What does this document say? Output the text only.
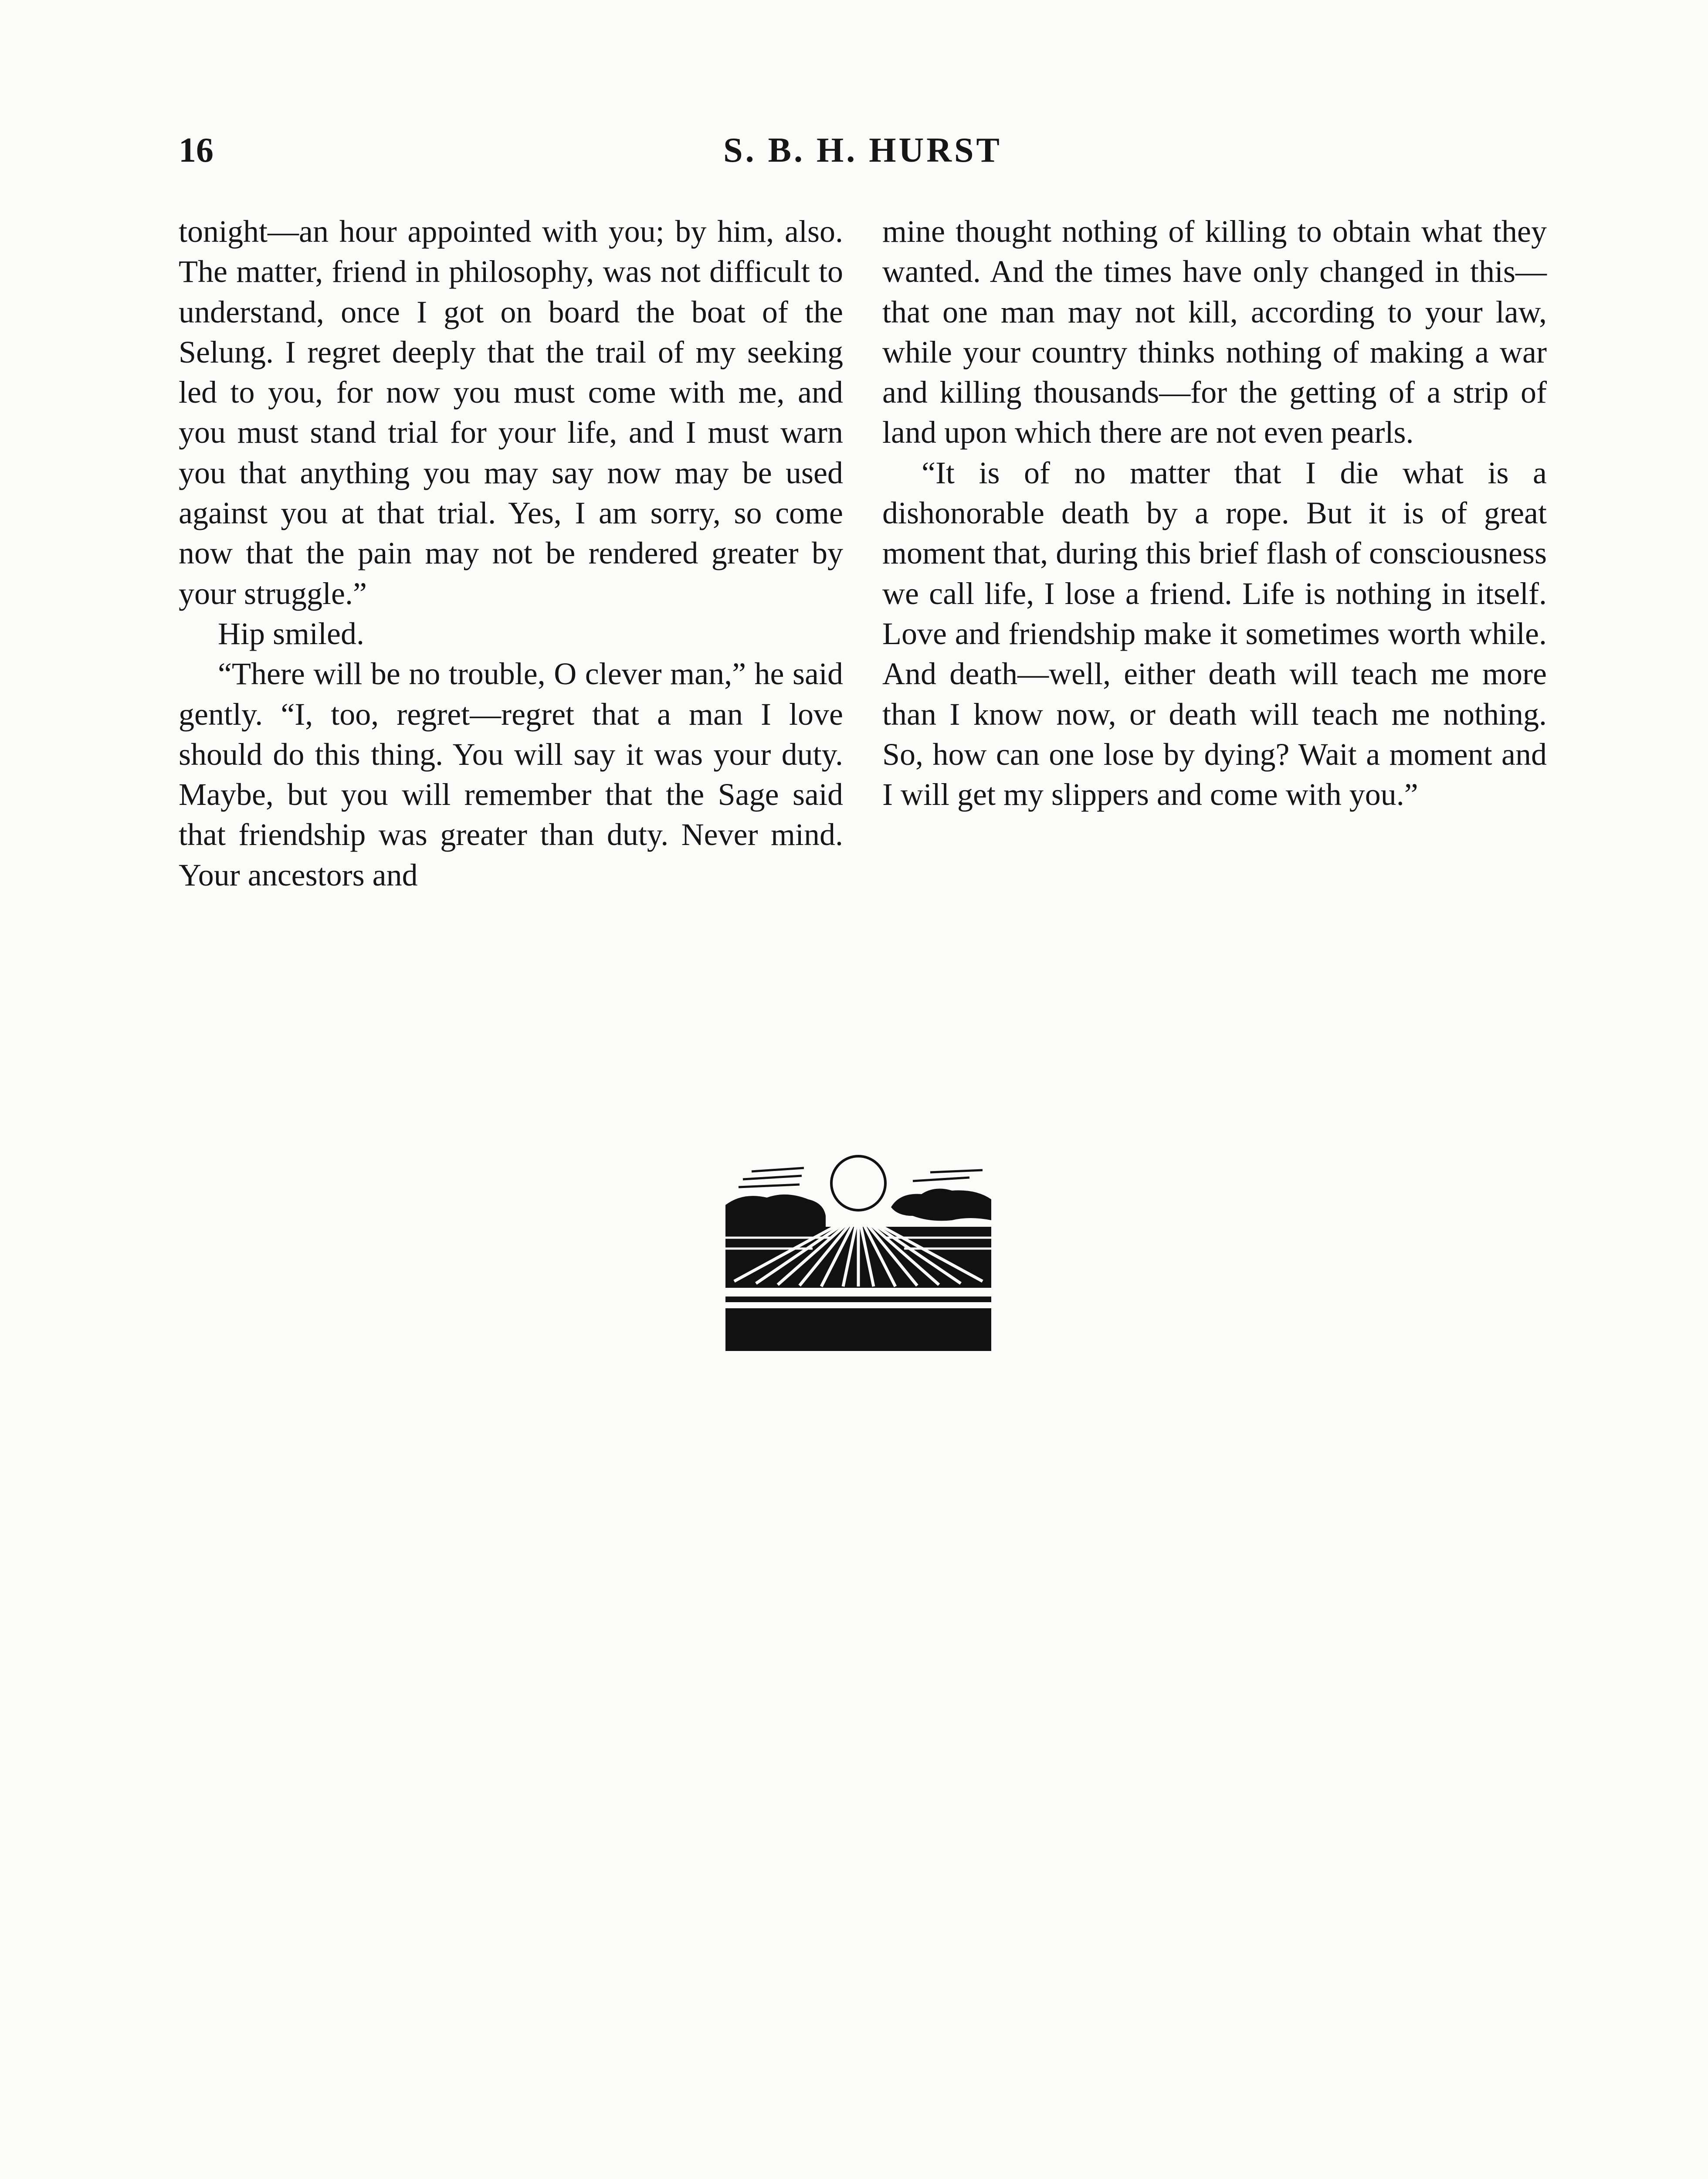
16	S. B. H. HURST

tonight—an hour appointed with you; by him, also. The matter, friend in philosophy, was not difficult to understand, once I got on board the boat of the Selung. I regret deeply that the trail of my seeking led to you, for now you must come with me, and you must stand trial for your life, and I must warn you that anything you may say now may be used against you at that trial. Yes, I am sorry, so come now that the pain may not be rendered greater by your struggle.”

Hip smiled.

“There will be no trouble, O clever man,” he said gently. “I, too, regret—regret that a man I love should do this thing. You will say it was your duty. Maybe, but you will remember that the Sage said that friendship was greater than duty. Never mind. Your ancestors and

mine thought nothing of killing to obtain what they wanted. And the times have only changed in this—that one man may not kill, according to your law, while your country thinks nothing of making a war and killing thousands—for the getting of a strip of land upon which there are not even pearls.

“It is of no matter that I die what is a dishonorable death by a rope. But it is of great moment that, during this brief flash of consciousness we call life, I lose a friend. Life is nothing in itself. Love and friendship make it sometimes worth while. And death—well, either death will teach me more than I know now, or death will teach me nothing. So, how can one lose by dying? Wait a moment and I will get my slippers and come with you.”
